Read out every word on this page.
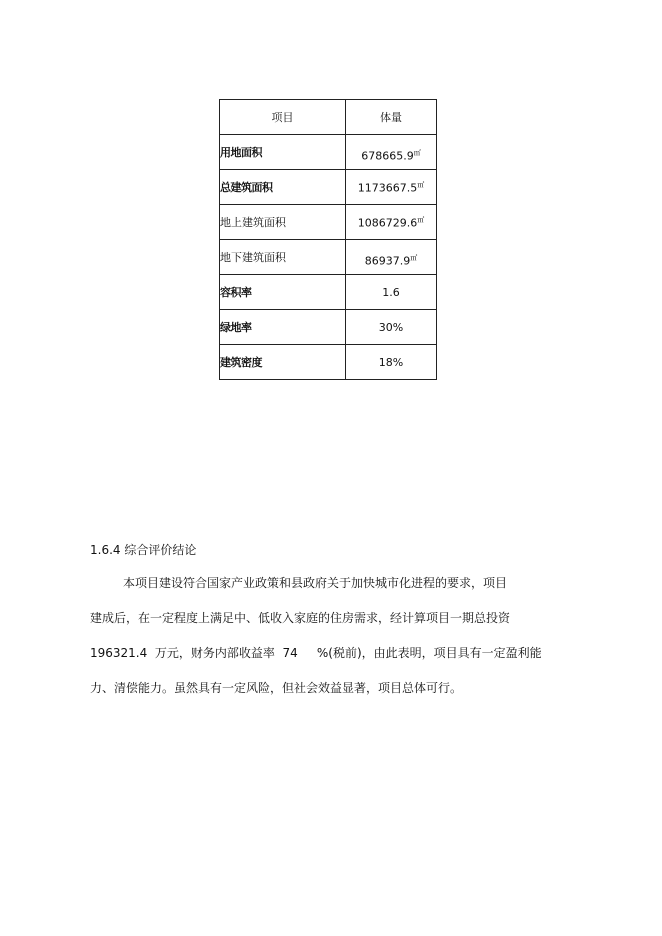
项目	体量
用地面积	678665.9㎡
总建筑面积	1173667.5㎡
地上建筑面积	1086729.6㎡
地下建筑面积	86937.9㎡
容积率	1.6
绿地率	30%
建筑密度	18%
1.6.4 综合评价结论
本项目建设符合国家产业政策和县政府关于加快城市化进程的要求，项目
建成后，在一定程度上满足中、低收入家庭的住房需求，经计算项目一期总投资
196321.4  万元，财务内部收益率  74     %(税前)，由此表明，项目具有一定盈利能
力、清偿能力。虽然具有一定风险，但社会效益显著，项目总体可行。
